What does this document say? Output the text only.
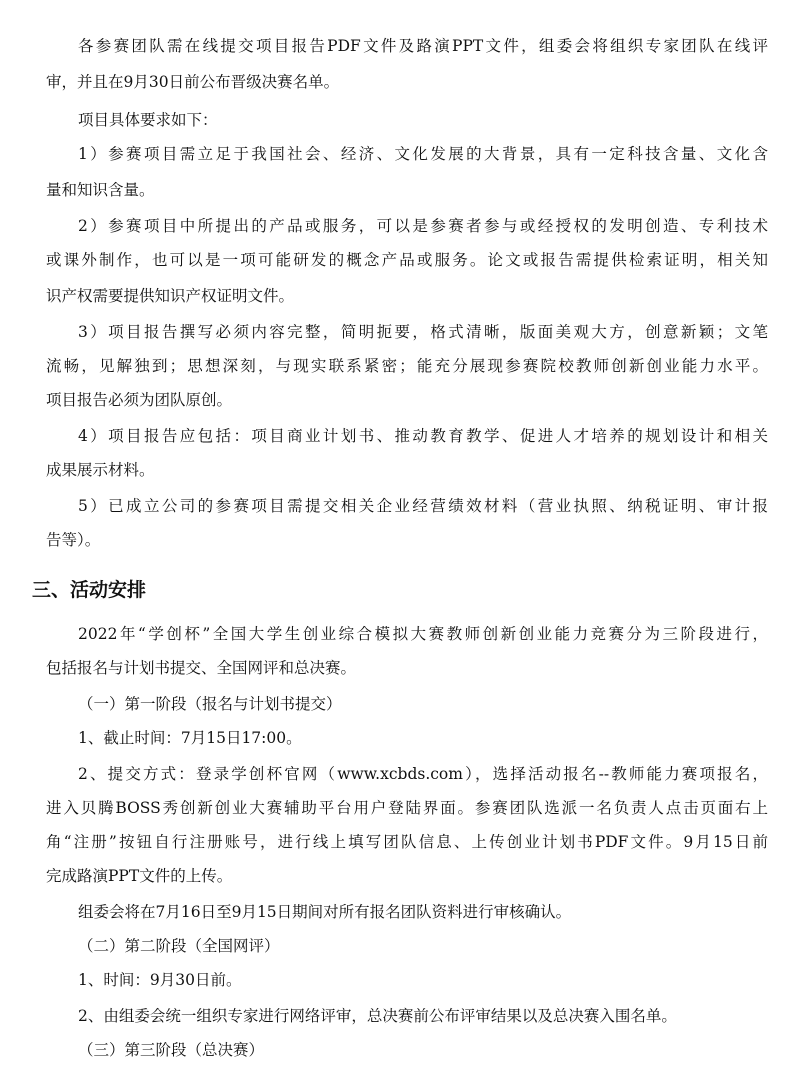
各参赛团队需在线提交项目报告PDF文件及路演PPT文件，组委会将组织专家团队在线评
审，并且在9月30日前公布晋级决赛名单。
项目具体要求如下：
1）参赛项目需立足于我国社会、经济、文化发展的大背景，具有一定科技含量、文化含
量和知识含量。
2）参赛项目中所提出的产品或服务，可以是参赛者参与或经授权的发明创造、专利技术
或课外制作，也可以是一项可能研发的概念产品或服务。论文或报告需提供检索证明，相关知
识产权需要提供知识产权证明文件。
3）项目报告撰写必须内容完整，简明扼要，格式清晰，版面美观大方，创意新颖；文笔
流畅，见解独到；思想深刻，与现实联系紧密；能充分展现参赛院校教师创新创业能力水平。
项目报告必须为团队原创。
4）项目报告应包括：项目商业计划书、推动教育教学、促进人才培养的规划设计和相关
成果展示材料。
5）已成立公司的参赛项目需提交相关企业经营绩效材料（营业执照、纳税证明、审计报
告等）。
三、活动安排
2022年“学创杯”全国大学生创业综合模拟大赛教师创新创业能力竞赛分为三阶段进行，
包括报名与计划书提交、全国网评和总决赛。
（一）第一阶段（报名与计划书提交）
1、截止时间：7月15日17:00。
2、提交方式：登录学创杯官网（www.xcbds.com），选择活动报名--教师能力赛项报名，
进入贝腾BOSS秀创新创业大赛辅助平台用户登陆界面。参赛团队选派一名负责人点击页面右上
角“注册”按钮自行注册账号，进行线上填写团队信息、上传创业计划书PDF文件。9月15日前
完成路演PPT文件的上传。
组委会将在7月16日至9月15日期间对所有报名团队资料进行审核确认。
（二）第二阶段（全国网评）
1、时间：9月30日前。
2、由组委会统一组织专家进行网络评审，总决赛前公布评审结果以及总决赛入围名单。
（三）第三阶段（总决赛）
